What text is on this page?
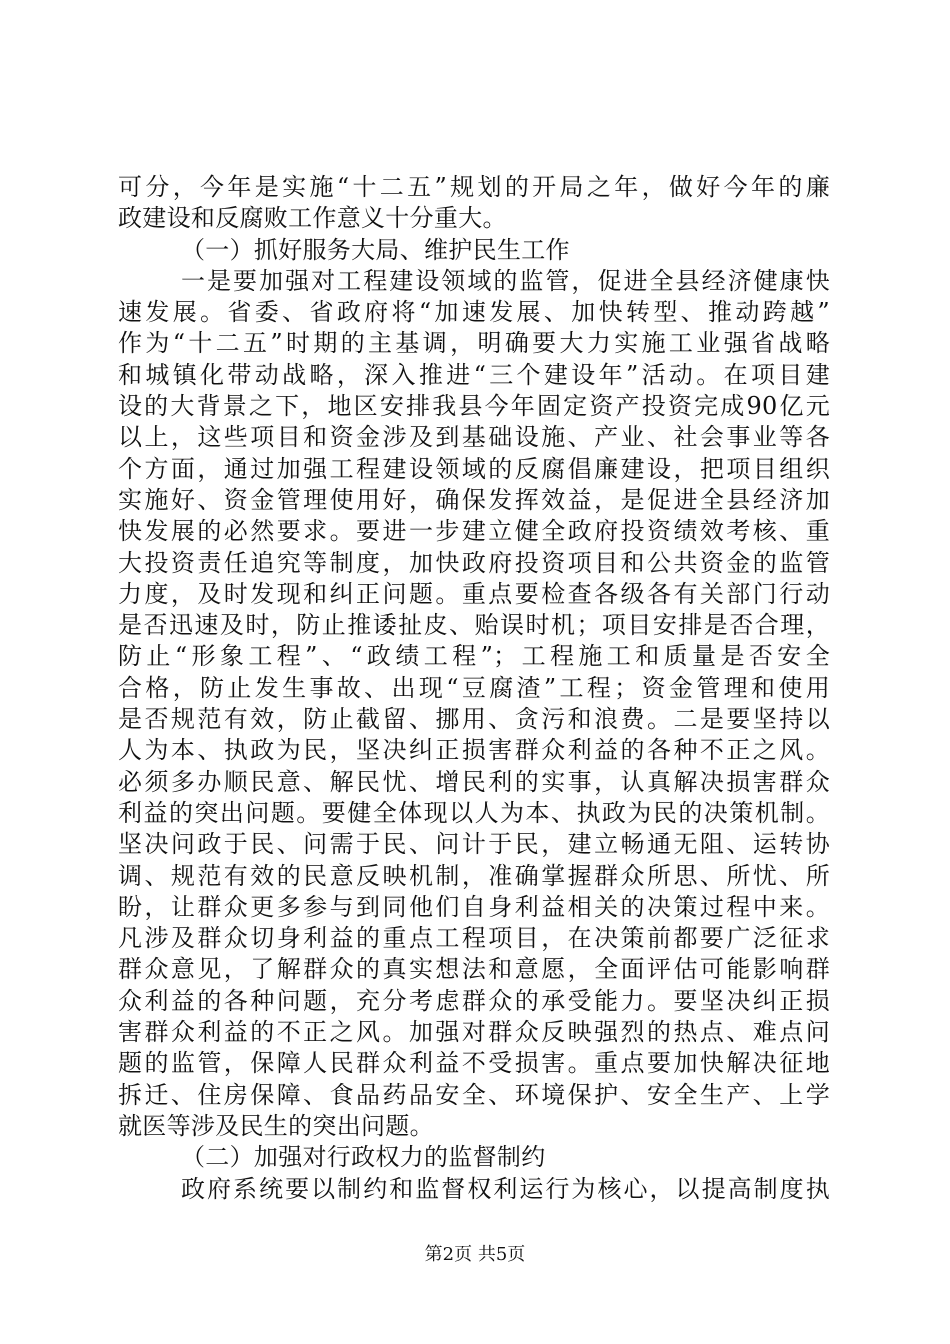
可分，今年是实施“十二五”规划的开局之年，做好今年的廉
政建设和反腐败工作意义十分重大。
（一）抓好服务大局、维护民生工作
一是要加强对工程建设领域的监管，促进全县经济健康快
速发展。省委、省政府将“加速发展、加快转型、推动跨越”
作为“十二五”时期的主基调，明确要大力实施工业强省战略
和城镇化带动战略，深入推进“三个建设年”活动。在项目建
设的大背景之下，地区安排我县今年固定资产投资完成90亿元
以上，这些项目和资金涉及到基础设施、产业、社会事业等各
个方面，通过加强工程建设领域的反腐倡廉建设，把项目组织
实施好、资金管理使用好，确保发挥效益，是促进全县经济加
快发展的必然要求。要进一步建立健全政府投资绩效考核、重
大投资责任追究等制度，加快政府投资项目和公共资金的监管
力度，及时发现和纠正问题。重点要检查各级各有关部门行动
是否迅速及时，防止推诿扯皮、贻误时机；项目安排是否合理，
防止“形象工程”、“政绩工程”；工程施工和质量是否安全
合格，防止发生事故、出现“豆腐渣”工程；资金管理和使用
是否规范有效，防止截留、挪用、贪污和浪费。二是要坚持以
人为本、执政为民，坚决纠正损害群众利益的各种不正之风。
必须多办顺民意、解民忧、增民利的实事，认真解决损害群众
利益的突出问题。要健全体现以人为本、执政为民的决策机制。
坚决问政于民、问需于民、问计于民，建立畅通无阻、运转协
调、规范有效的民意反映机制，准确掌握群众所思、所忧、所
盼，让群众更多参与到同他们自身利益相关的决策过程中来。
凡涉及群众切身利益的重点工程项目，在决策前都要广泛征求
群众意见，了解群众的真实想法和意愿，全面评估可能影响群
众利益的各种问题，充分考虑群众的承受能力。要坚决纠正损
害群众利益的不正之风。加强对群众反映强烈的热点、难点问
题的监管，保障人民群众利益不受损害。重点要加快解决征地
拆迁、住房保障、食品药品安全、环境保护、安全生产、上学
就医等涉及民生的突出问题。
（二）加强对行政权力的监督制约
政府系统要以制约和监督权利运行为核心，以提高制度执
第2页 共5页
